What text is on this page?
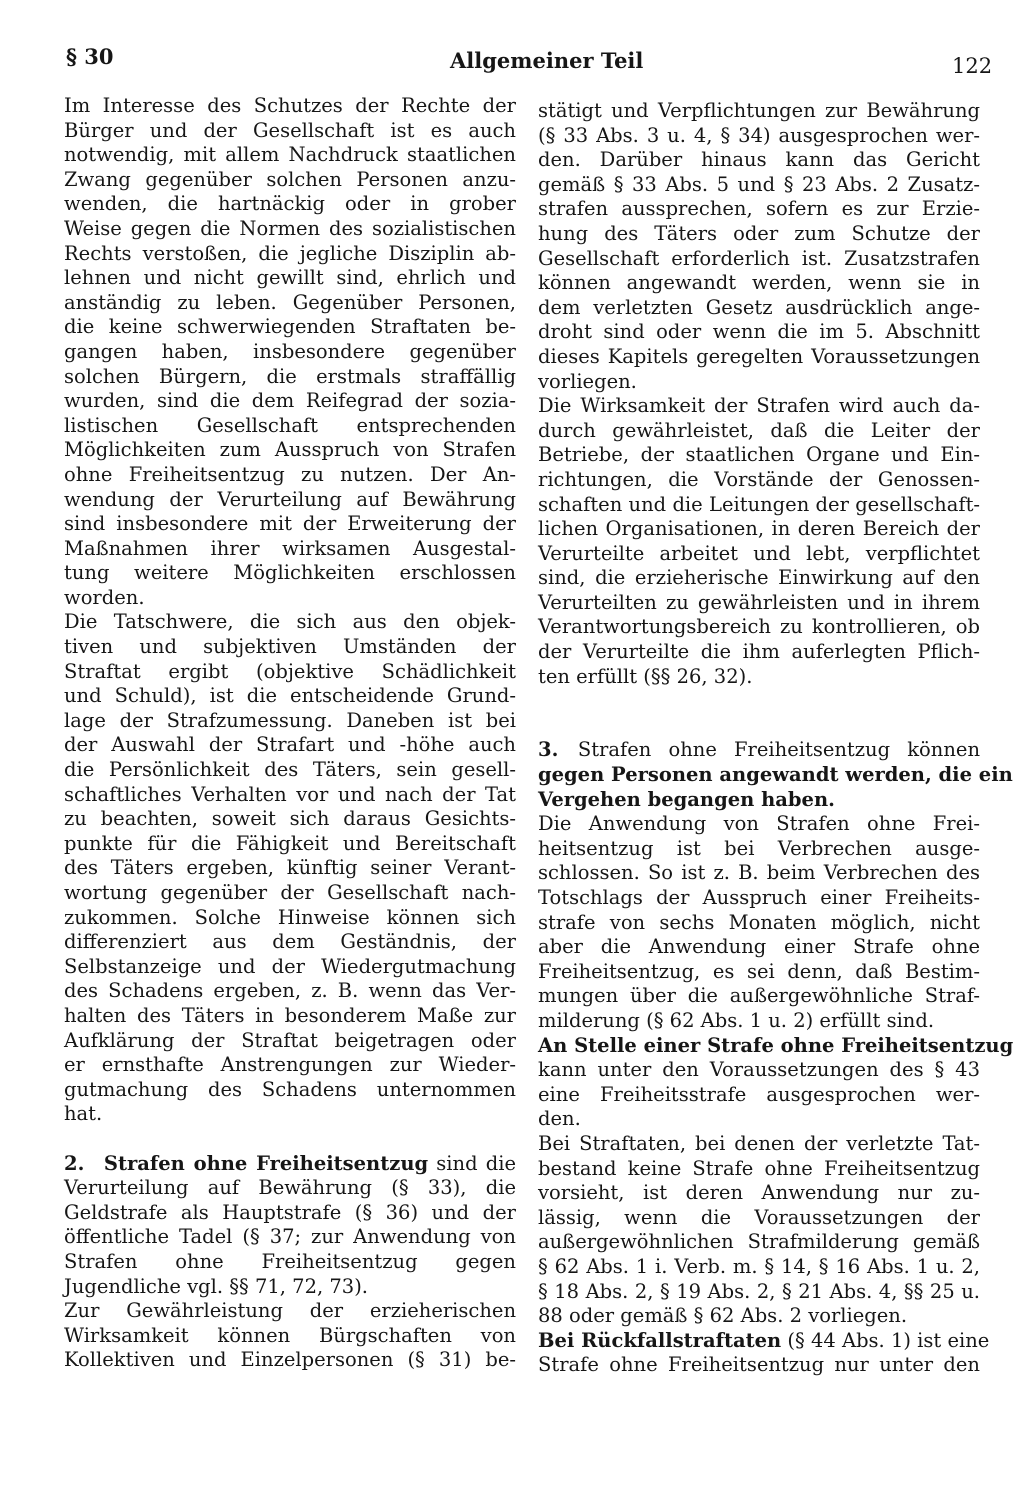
§ 30	Allgemeiner Teil	122
Im Interesse des Schutzes der Rechte der
Bürger und der Gesellschaft ist es auch
notwendig, mit allem Nachdruck staatlichen
Zwang gegenüber solchen Personen anzu-
wenden, die hartnäckig oder in grober
Weise gegen die Normen des sozialistischen
Rechts verstoßen, die jegliche Disziplin ab-
lehnen und nicht gewillt sind, ehrlich und
anständig zu leben. Gegenüber Personen,
die keine schwerwiegenden Straftaten be-
gangen haben, insbesondere gegenüber
solchen Bürgern, die erstmals straffällig
wurden, sind die dem Reifegrad der sozia-
listischen Gesellschaft entsprechenden
Möglichkeiten zum Ausspruch von Strafen
ohne Freiheitsentzug zu nutzen. Der An-
wendung der Verurteilung auf Bewährung
sind insbesondere mit der Erweiterung der
Maßnahmen ihrer wirksamen Ausgestal-
tung weitere Möglichkeiten erschlossen
worden.
Die Tatschwere, die sich aus den objek-
tiven und subjektiven Umständen der
Straftat ergibt (objektive Schädlichkeit
und Schuld), ist die entscheidende Grund-
lage der Strafzumessung. Daneben ist bei
der Auswahl der Strafart und -höhe auch
die Persönlichkeit des Täters, sein gesell-
schaftliches Verhalten vor und nach der Tat
zu beachten, soweit sich daraus Gesichts-
punkte für die Fähigkeit und Bereitschaft
des Täters ergeben, künftig seiner Verant-
wortung gegenüber der Gesellschaft nach-
zukommen. Solche Hinweise können sich
differenziert aus dem Geständnis, der
Selbstanzeige und der Wiedergutmachung
des Schadens ergeben, z. B. wenn das Ver-
halten des Täters in besonderem Maße zur
Aufklärung der Straftat beigetragen oder
er ernsthafte Anstrengungen zur Wieder-
gutmachung des Schadens unternommen
hat.
2. Strafen ohne Freiheitsentzug sind die
Verurteilung auf Bewährung (§ 33), die
Geldstrafe als Hauptstrafe (§ 36) und der
öffentliche Tadel (§ 37; zur Anwendung von
Strafen ohne Freiheitsentzug gegen
Jugendliche vgl. §§ 71, 72, 73).
Zur Gewährleistung der erzieherischen
Wirksamkeit können Bürgschaften von
Kollektiven und Einzelpersonen (§ 31) be-
stätigt und Verpflichtungen zur Bewährung
(§ 33 Abs. 3 u. 4, § 34) ausgesprochen wer-
den. Darüber hinaus kann das Gericht
gemäß § 33 Abs. 5 und § 23 Abs. 2 Zusatz-
strafen aussprechen, sofern es zur Erzie-
hung des Täters oder zum Schutze der
Gesellschaft erforderlich ist. Zusatzstrafen
können angewandt werden, wenn sie in
dem verletzten Gesetz ausdrücklich ange-
droht sind oder wenn die im 5. Abschnitt
dieses Kapitels geregelten Voraussetzungen
vorliegen.
Die Wirksamkeit der Strafen wird auch da-
durch gewährleistet, daß die Leiter der
Betriebe, der staatlichen Organe und Ein-
richtungen, die Vorstände der Genossen-
schaften und die Leitungen der gesellschaft-
lichen Organisationen, in deren Bereich der
Verurteilte arbeitet und lebt, verpflichtet
sind, die erzieherische Einwirkung auf den
Verurteilten zu gewährleisten und in ihrem
Verantwortungsbereich zu kontrollieren, ob
der Verurteilte die ihm auferlegten Pflich-
ten erfüllt (§§ 26, 32).
3. Strafen ohne Freiheitsentzug können
gegen Personen angewandt werden, die ein
Vergehen begangen haben.
Die Anwendung von Strafen ohne Frei-
heitsentzug ist bei Verbrechen ausge-
schlossen. So ist z. B. beim Verbrechen des
Totschlags der Ausspruch einer Freiheits-
strafe von sechs Monaten möglich, nicht
aber die Anwendung einer Strafe ohne
Freiheitsentzug, es sei denn, daß Bestim-
mungen über die außergewöhnliche Straf-
milderung (§ 62 Abs. 1 u. 2) erfüllt sind.
An Stelle einer Strafe ohne Freiheitsentzug
kann unter den Voraussetzungen des § 43
eine Freiheitsstrafe ausgesprochen wer-
den.
Bei Straftaten, bei denen der verletzte Tat-
bestand keine Strafe ohne Freiheitsentzug
vorsieht, ist deren Anwendung nur zu-
lässig, wenn die Voraussetzungen der
außergewöhnlichen Strafmilderung gemäß
§ 62 Abs. 1 i. Verb. m. § 14, § 16 Abs. 1 u. 2,
§ 18 Abs. 2, § 19 Abs. 2, § 21 Abs. 4, §§ 25 u.
88 oder gemäß § 62 Abs. 2 vorliegen.
Bei Rückfallstraftaten (§ 44 Abs. 1) ist eine
Strafe ohne Freiheitsentzug nur unter den
